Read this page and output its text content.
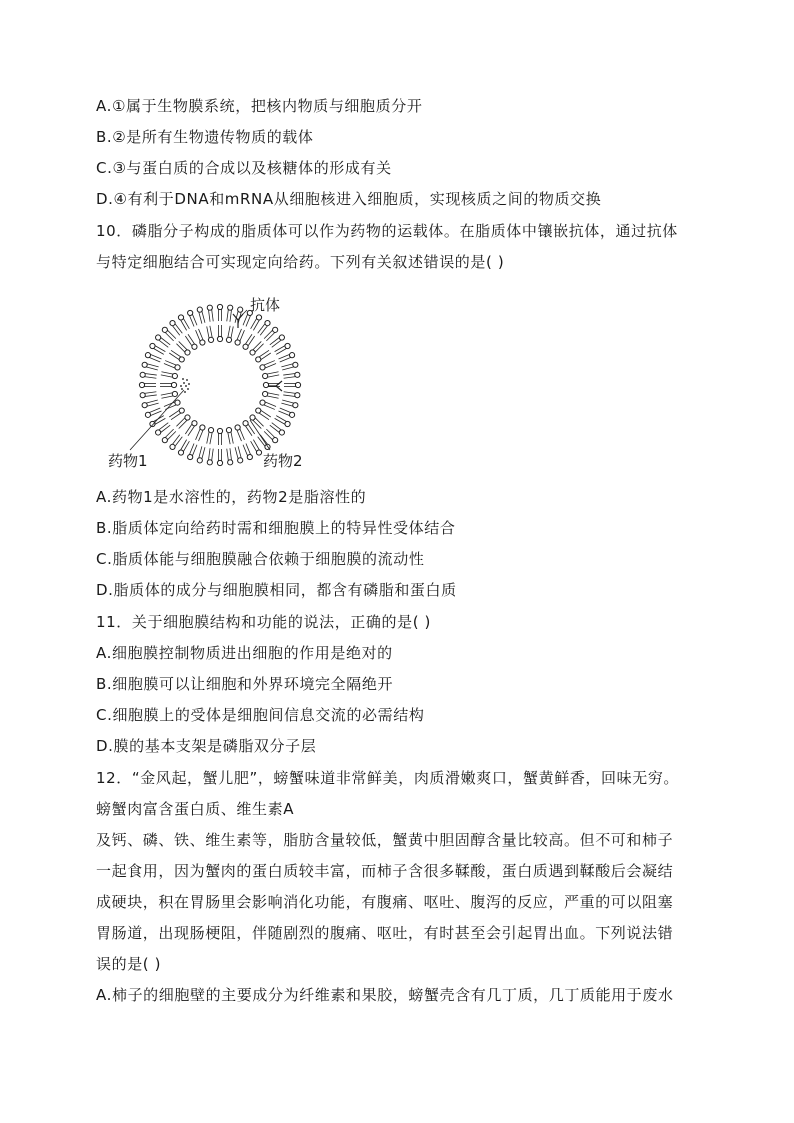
A.①属于生物膜系统，把核内物质与细胞质分开
B.②是所有生物遗传物质的载体
C.③与蛋白质的合成以及核糖体的形成有关
D.④有利于DNA和mRNA从细胞核进入细胞质，实现核质之间的物质交换
10．磷脂分子构成的脂质体可以作为药物的运载体。在脂质体中镶嵌抗体，通过抗体
与特定细胞结合可实现定向给药。下列有关叙述错误的是( )
抗体
药物1	药物2
A.药物1是水溶性的，药物2是脂溶性的
B.脂质体定向给药时需和细胞膜上的特异性受体结合
C.脂质体能与细胞膜融合依赖于细胞膜的流动性
D.脂质体的成分与细胞膜相同，都含有磷脂和蛋白质
11．关于细胞膜结构和功能的说法，正确的是( )
A.细胞膜控制物质进出细胞的作用是绝对的
B.细胞膜可以让细胞和外界环境完全隔绝开
C.细胞膜上的受体是细胞间信息交流的必需结构
D.膜的基本支架是磷脂双分子层
12．“金风起，蟹儿肥”，螃蟹味道非常鲜美，肉质滑嫩爽口，蟹黄鲜香，回味无穷。
螃蟹肉富含蛋白质、维生素A
及钙、磷、铁、维生素等，脂肪含量较低，蟹黄中胆固醇含量比较高。但不可和柿子
一起食用，因为蟹肉的蛋白质较丰富，而柿子含很多鞣酸，蛋白质遇到鞣酸后会凝结
成硬块，积在胃肠里会影响消化功能，有腹痛、呕吐、腹泻的反应，严重的可以阻塞
胃肠道，出现肠梗阻，伴随剧烈的腹痛、呕吐，有时甚至会引起胃出血。下列说法错
误的是( )
A.柿子的细胞壁的主要成分为纤维素和果胶，螃蟹壳含有几丁质，几丁质能用于废水
